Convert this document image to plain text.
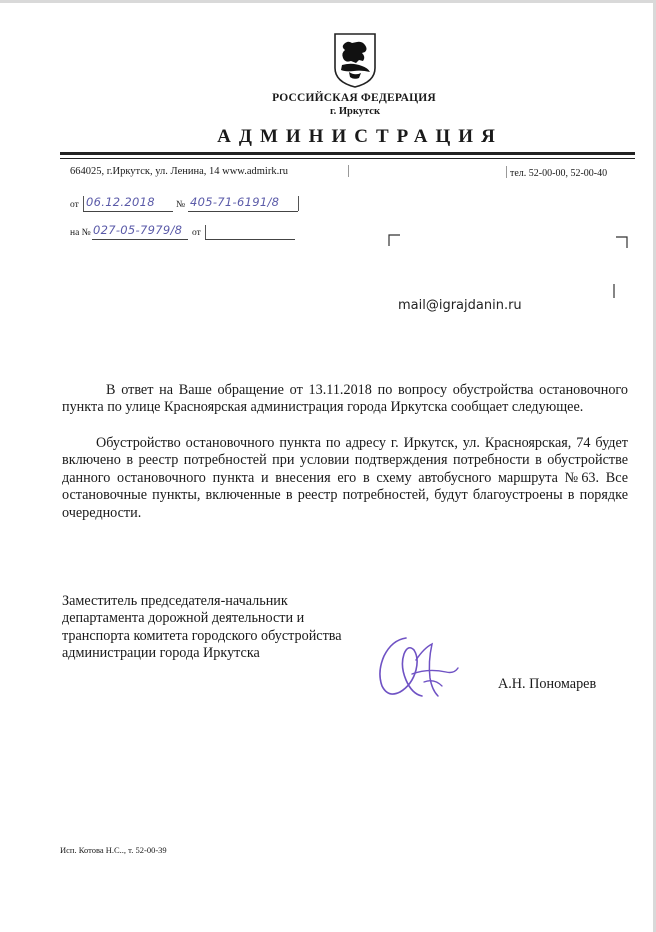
РОССИЙСКАЯ ФЕДЕРАЦИЯ
г. Иркутск
АДМИНИСТРАЦИЯ
664025, г.Иркутск, ул. Ленина, 14 www.admirk.ru	тел. 52-00-00, 52-00-40
от 06.12.2018 № 405-71-6191/8
на № 027-05-7979/8 от
mail@igrajdanin.ru
В ответ на Ваше обращение от 13.11.2018 по вопросу обустройства остановочного пункта по улице Красноярская администрация города Иркутска сообщает следующее.
Обустройство остановочного пункта по адресу г. Иркутск, ул. Красноярская, 74 будет включено в реестр потребностей при условии подтверждения потребности в обустройстве данного остановочного пункта и внесения его в схему автобусного маршрута №63. Все остановочные пункты, включенные в реестр потребностей, будут благоустроены в порядке очередности.
Заместитель председателя-начальник департамента дорожной деятельности и транспорта комитета городского обустройства администрации города Иркутска
А.Н. Пономарев
Исп. Котова Н.С.., т. 52-00-39
